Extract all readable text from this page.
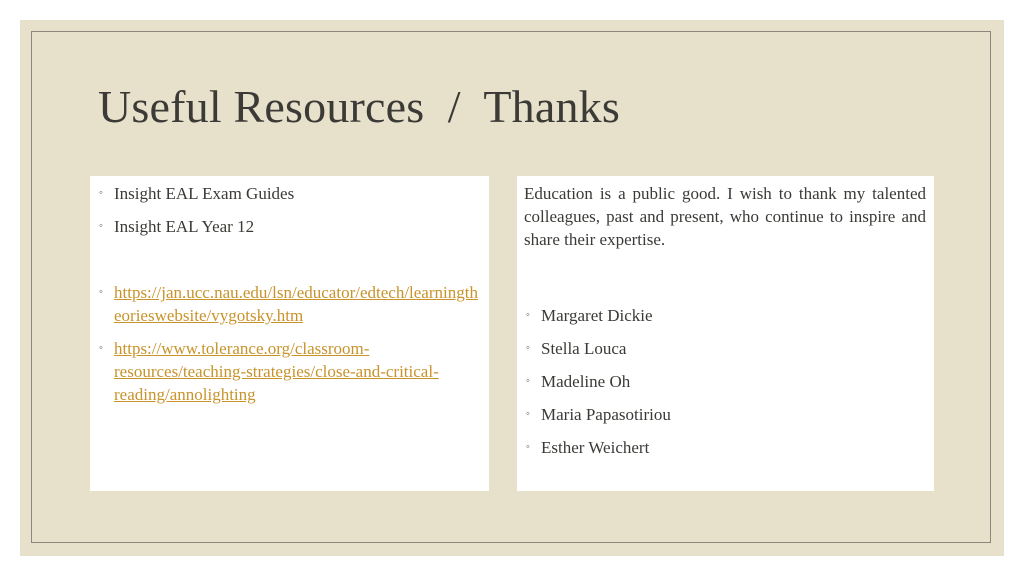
Useful Resources  /  Thanks
◦ Insight EAL Exam Guides
◦ Insight EAL Year 12
◦ https://jan.ucc.nau.edu/lsn/educator/edtech/learningtheorieswebsite/vygotsky.htm
◦ https://www.tolerance.org/classroom-resources/teaching-strategies/close-and-critical-reading/annolighting

Education is a public good. I wish to thank my talented colleagues, past and present, who continue to inspire and share their expertise.

◦ Margaret Dickie
◦ Stella Louca
◦ Madeline Oh
◦ Maria Papasotiriou
◦ Esther Weichert
